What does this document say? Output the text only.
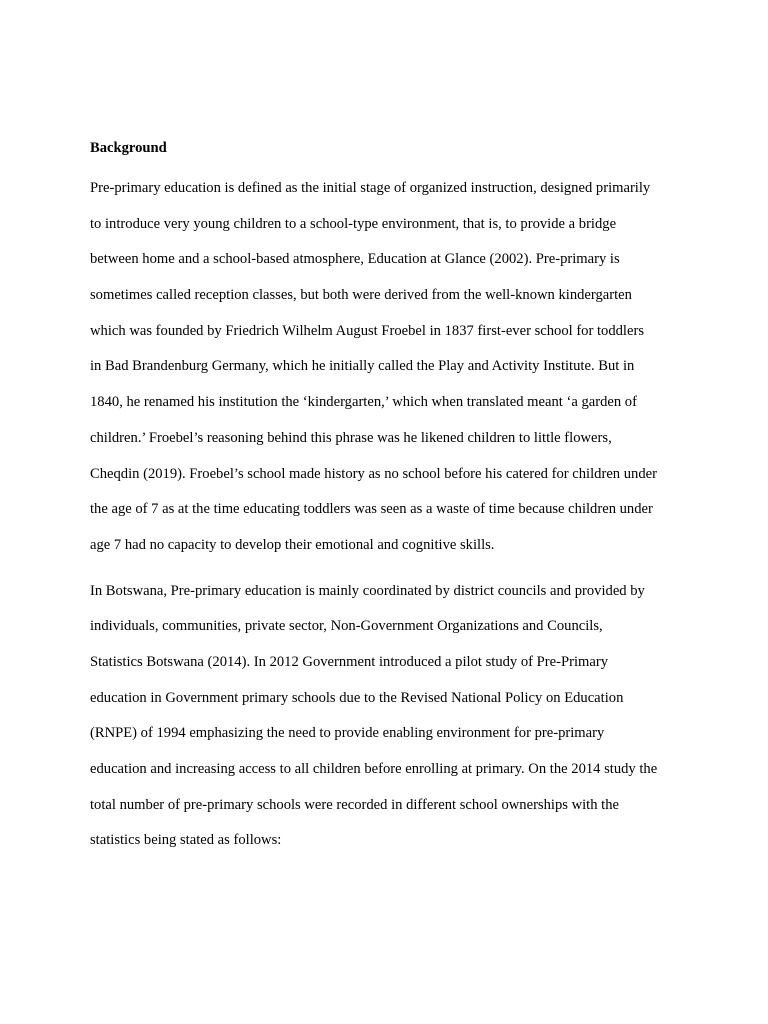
Background
Pre-primary education is defined as the initial stage of organized instruction, designed primarily
to introduce very young children to a school-type environment, that is, to provide a bridge
between home and a school-based atmosphere, Education at Glance (2002). Pre-primary is
sometimes called reception classes, but both were derived from the well-known kindergarten
which was founded by Friedrich Wilhelm August Froebel in 1837 first-ever school for toddlers
in Bad Brandenburg Germany, which he initially called the Play and Activity Institute. But in
1840, he renamed his institution the ‘kindergarten,’ which when translated meant ‘a garden of
children.’ Froebel’s reasoning behind this phrase was he likened children to little flowers,
Cheqdin (2019). Froebel’s school made history as no school before his catered for children under
the age of 7 as at the time educating toddlers was seen as a waste of time because children under
age 7 had no capacity to develop their emotional and cognitive skills.
In Botswana, Pre-primary education is mainly coordinated by district councils and provided by
individuals, communities, private sector, Non-Government Organizations and Councils,
Statistics Botswana (2014). In 2012 Government introduced a pilot study of Pre-Primary
education in Government primary schools due to the Revised National Policy on Education
(RNPE) of 1994 emphasizing the need to provide enabling environment for pre-primary
education and increasing access to all children before enrolling at primary. On the 2014 study the
total number of pre-primary schools were recorded in different school ownerships with the
statistics being stated as follows:
